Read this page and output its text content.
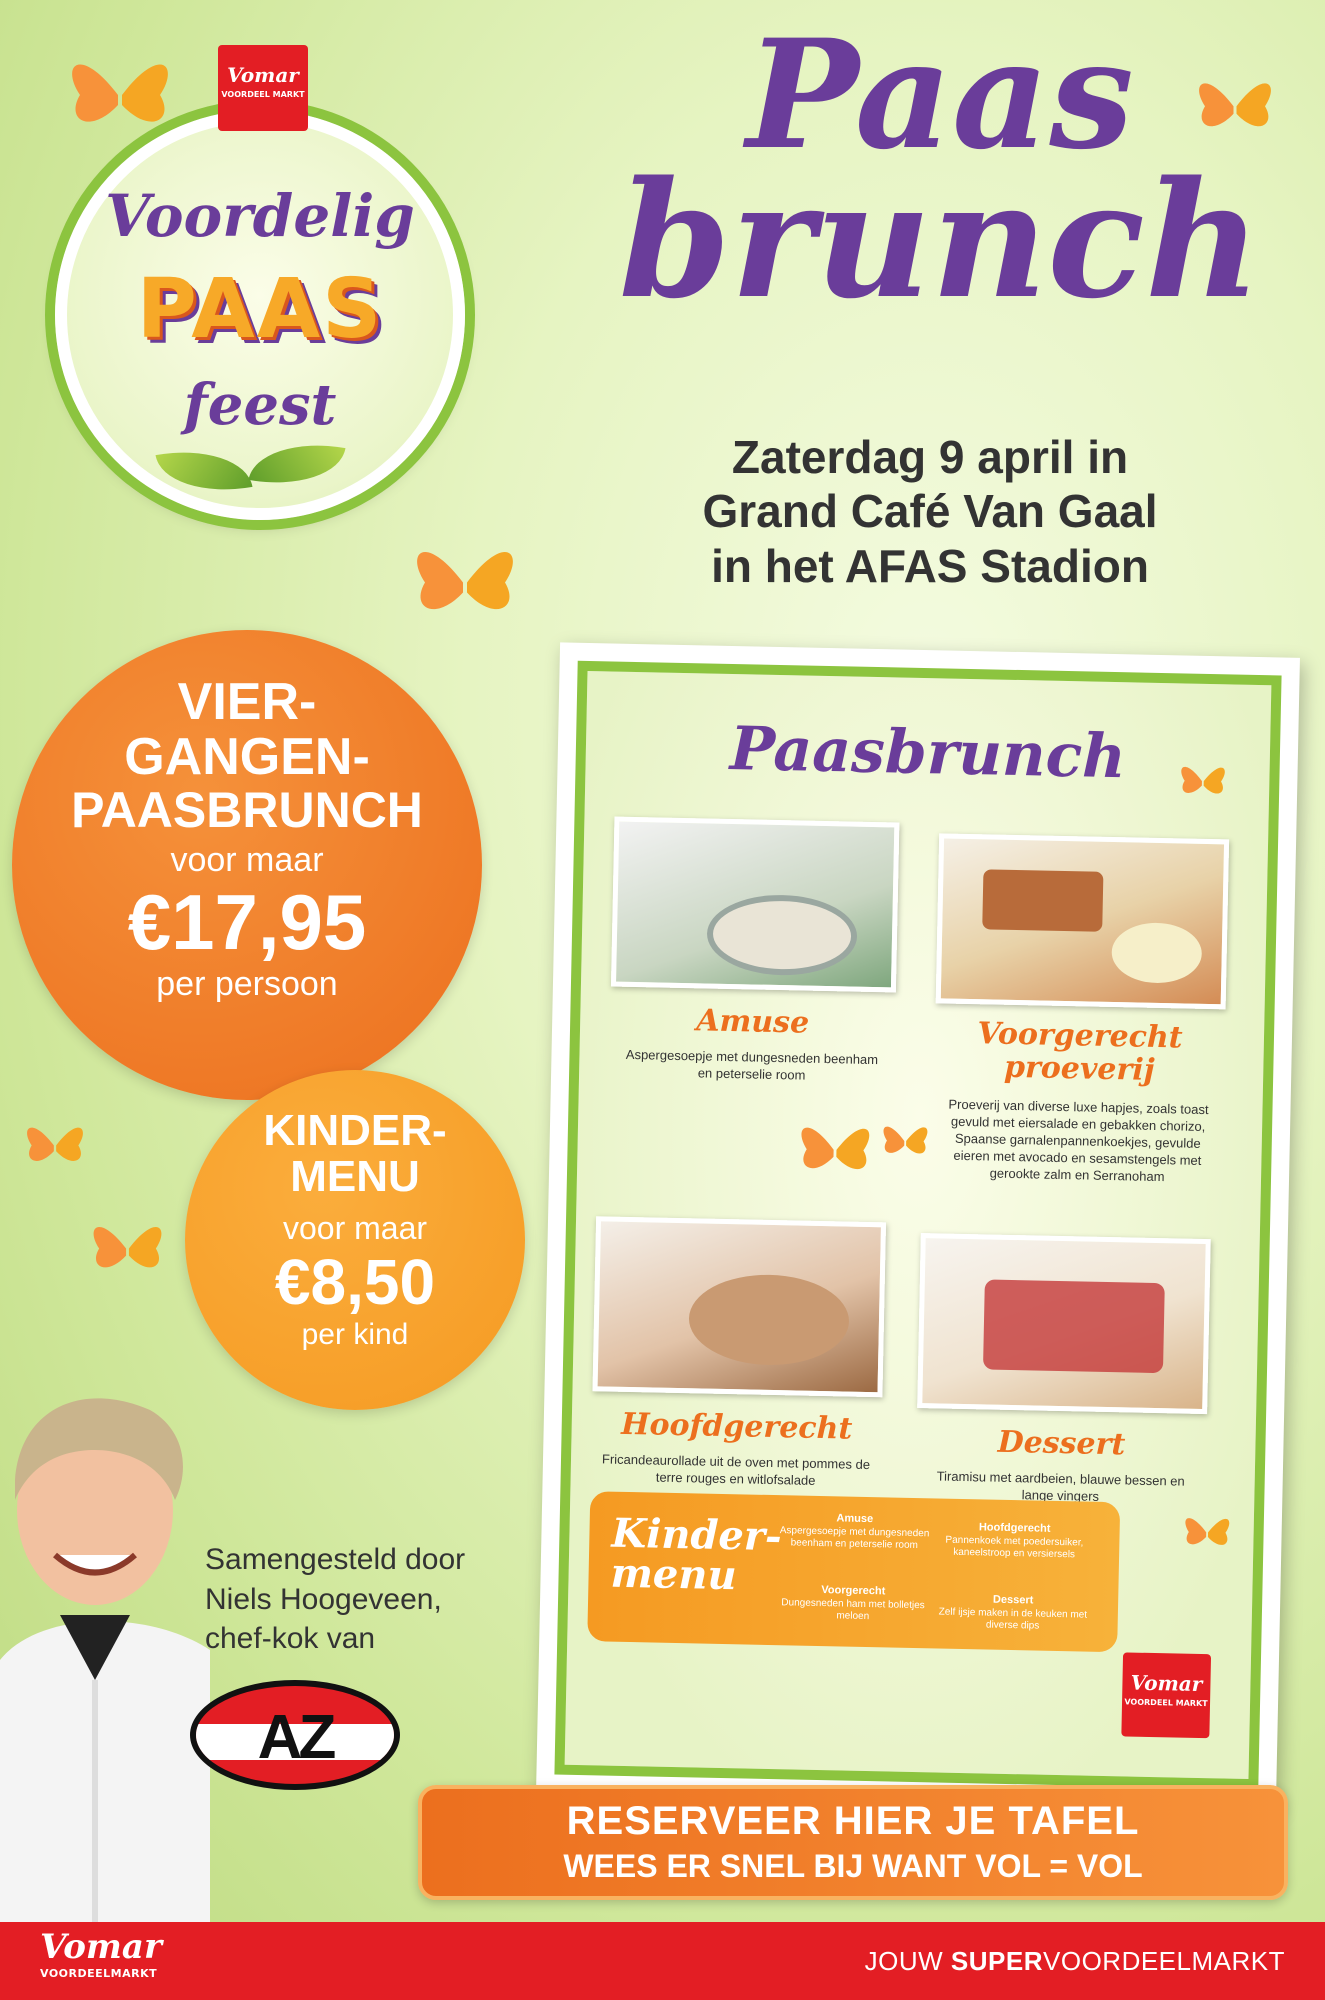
Voordelig
PAAS
feest
Vomar
VOORDEEL MARKT	Paas
brunch
Zaterdag 9 april in
Grand Café Van Gaal
in het AFAS Stadion
VIER-
GANGEN-
PAASBRUNCH
voor maar
€17,95
per persoon
KINDER-
MENU
voor maar
€8,50
per kind
Samengesteld door
Niels Hoogeveen,
chef-kok van
AZ
Paasbrunch
Amuse
Aspergesoepje met dungesneden beenham en peterselie room
Voorgerecht proeverij
Proeverij van diverse luxe hapjes, zoals toast gevuld met eiersalade en gebakken chorizo, Spaanse garnalenpannenkoekjes, gevulde eieren met avocado en sesamstengels met gerookte zalm en Serranoham
Hoofdgerecht
Fricandeaurollade uit de oven met pommes de terre rouges en witlofsalade
Dessert
Tiramisu met aardbeien, blauwe bessen en lange vingers
Kinder- menu
Amuse
Aspergesoepje met dungesneden beenham en peterselie room
Hoofdgerecht
Pannenkoek met poedersuiker, kaneelstroop en versiersels
Voorgerecht
Dungesneden ham met bolletjes meloen
Dessert
Zelf ijsje maken in de keuken met diverse dips
Vomar
VOORDEEL MARKT
RESERVEER HIER JE TAFEL
WEES ER SNEL BIJ WANT VOL = VOL
Vomar
VOORDEELMARKT	JOUW SUPERVOORDEELMARKT
